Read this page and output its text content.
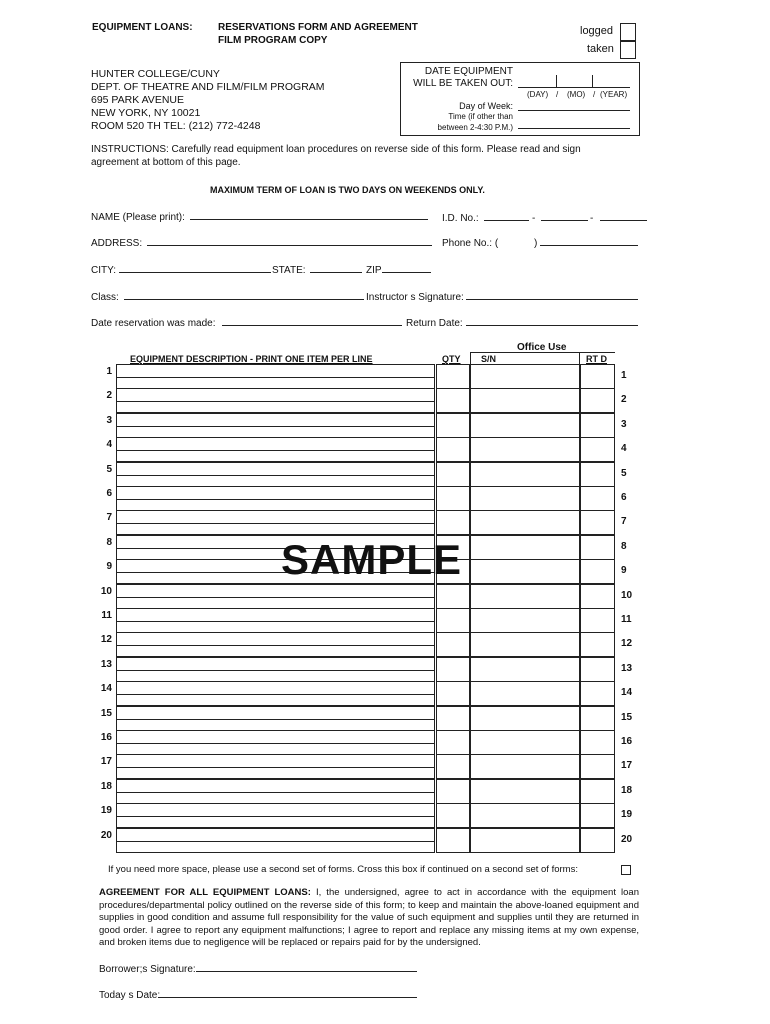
EQUIPMENT LOANS:	RESERVATIONS FORM AND AGREEMENT
FILM PROGRAM COPY
logged
taken
HUNTER COLLEGE/CUNY
DEPT. OF THEATRE AND FILM/FILM PROGRAM
695 PARK AVENUE
NEW YORK, NY 10021
ROOM 520 TH TEL: (212) 772-4248
DATE EQUIPMENT
WILL BE TAKEN OUT:
(DAY) / (MO) / (YEAR)
Day of Week:
Time (if other than
between 2-4:30 P.M.)
INSTRUCTIONS: Carefully read equipment loan procedures on reverse side of this form. Please read and sign
agreement at bottom of this page.
MAXIMUM TERM OF LOAN IS TWO DAYS ON WEEKENDS ONLY.
NAME (Please print):	I.D. No.:	-	-
ADDRESS:	Phone No.: (	)
CITY:	STATE:	ZIP
Class:	Instructor s Signature:
Date reservation was made:	Return Date:
Office Use
EQUIPMENT DESCRIPTION - PRINT ONE ITEM PER LINE	QTY S/N	RT D
1	1
2	2
3	3
4	4
5	5
6	6
7	7
8	8
9	9
10	10
11	11
12	12
13	13
14	14
15	15
16	16
17	17
18	18
19	19
20	20
SAMPLE
If you need more space, please use a second set of forms. Cross this box if continued on a second set of forms:
AGREEMENT FOR ALL EQUIPMENT LOANS: I, the undersigned, agree to act in accordance with the equipment loan procedures/departmental policy outlined on the reverse side of this form; to keep and maintain the above-loaned equipment and supplies in good condition and assume full responsibility for the value of such equipment and supplies until they are returned in good order. I agree to report any equipment malfunctions; I agree to report and replace any missing items at my own expense, and broken items due to negligence will be replaced or repairs paid for by the undersigned.
Borrower;s Signature:
Today s Date:
